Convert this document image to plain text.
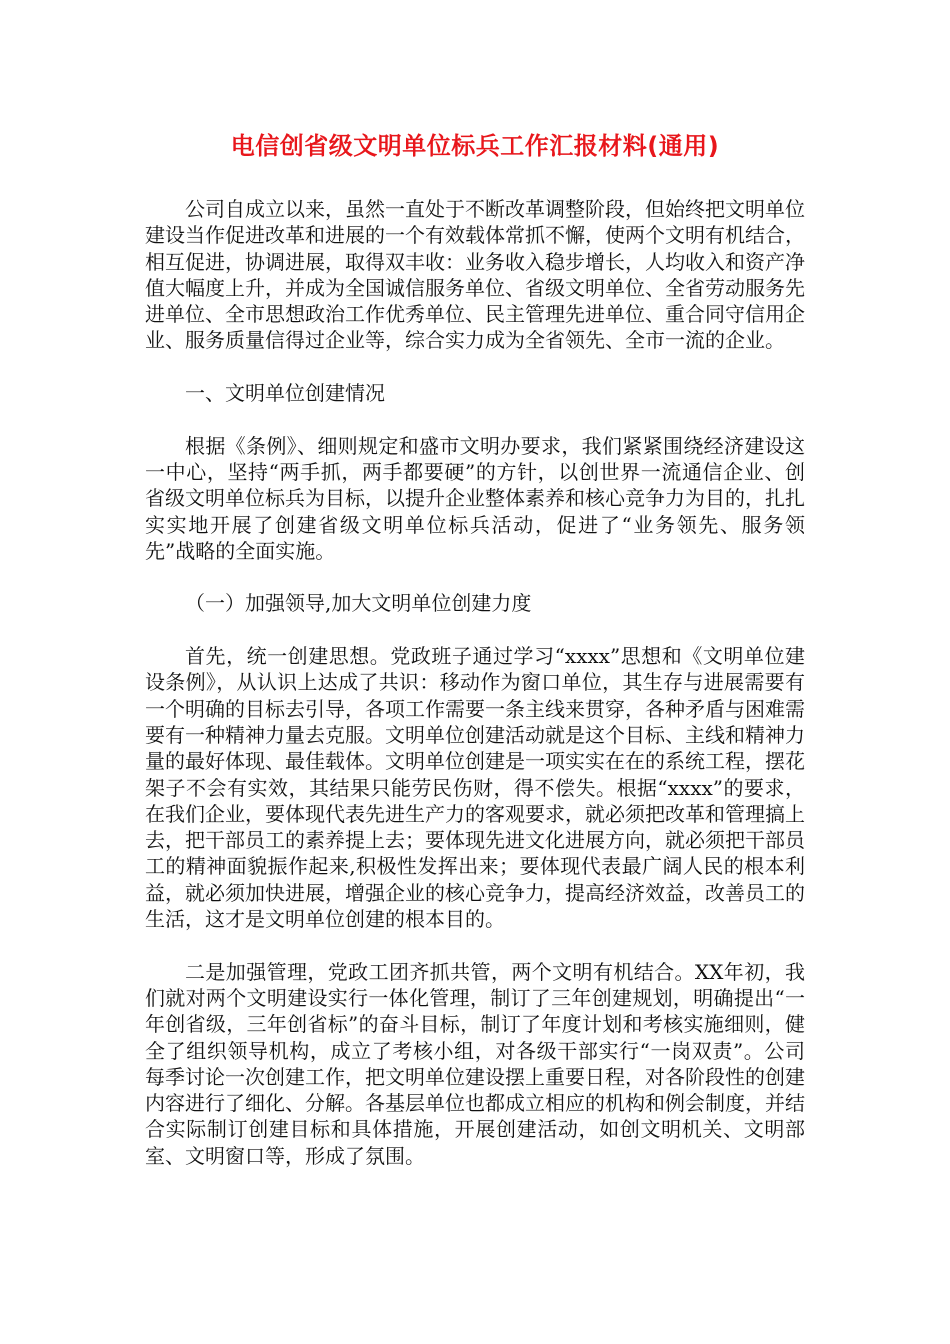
电信创省级文明单位标兵工作汇报材料(通用)

公司自成立以来，虽然一直处于不断改革调整阶段，但始终把文明单位建设当作促进改革和进展的一个有效载体常抓不懈，使两个文明有机结合，相互促进，协调进展，取得双丰收：业务收入稳步增长，人均收入和资产净值大幅度上升，并成为全国诚信服务单位、省级文明单位、全省劳动服务先进单位、全市思想政治工作优秀单位、民主管理先进单位、重合同守信用企业、服务质量信得过企业等，综合实力成为全省领先、全市一流的企业。

一、文明单位创建情况

根据《条例》、细则规定和盛市文明办要求，我们紧紧围绕经济建设这一中心，坚持“两手抓，两手都要硬”的方针，以创世界一流通信企业、创省级文明单位标兵为目标，以提升企业整体素养和核心竞争力为目的，扎扎实实地开展了创建省级文明单位标兵活动，促进了“业务领先、服务领先”战略的全面实施。

（一）加强领导,加大文明单位创建力度

首先，统一创建思想。党政班子通过学习“xxxx”思想和《文明单位建设条例》，从认识上达成了共识：移动作为窗口单位，其生存与进展需要有一个明确的目标去引导，各项工作需要一条主线来贯穿，各种矛盾与困难需要有一种精神力量去克服。文明单位创建活动就是这个目标、主线和精神力量的最好体现、最佳载体。文明单位创建是一项实实在在的系统工程，摆花架子不会有实效，其结果只能劳民伤财，得不偿失。根据“xxxx”的要求，在我们企业，要体现代表先进生产力的客观要求，就必须把改革和管理搞上去，把干部员工的素养提上去；要体现先进文化进展方向，就必须把干部员工的精神面貌振作起来,积极性发挥出来；要体现代表最广阔人民的根本利益，就必须加快进展，增强企业的核心竞争力，提高经济效益，改善员工的生活，这才是文明单位创建的根本目的。

二是加强管理，党政工团齐抓共管，两个文明有机结合。XX年初，我们就对两个文明建设实行一体化管理，制订了三年创建规划，明确提出“一年创省级，三年创省标”的奋斗目标，制订了年度计划和考核实施细则，健全了组织领导机构，成立了考核小组，对各级干部实行“一岗双责”。公司每季讨论一次创建工作，把文明单位建设摆上重要日程，对各阶段性的创建内容进行了细化、分解。各基层单位也都成立相应的机构和例会制度，并结合实际制订创建目标和具体措施，开展创建活动，如创文明机关、文明部室、文明窗口等，形成了氛围。
